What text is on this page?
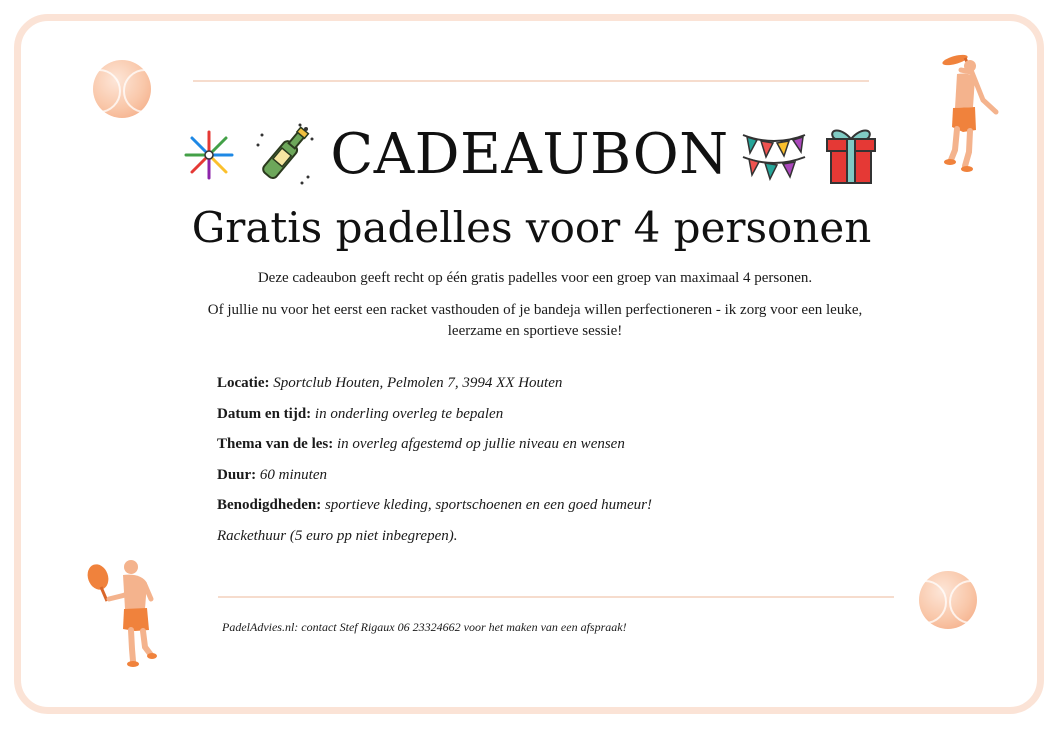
CADEAUBON
Gratis padelles voor 4 personen

Deze cadeaubon geeft recht op één gratis padelles voor een groep van maximaal 4 personen.

Of jullie nu voor het eerst een racket vasthouden of je bandeja willen perfectioneren - ik zorg voor een leuke, leerzame en sportieve sessie!

Locatie: Sportclub Houten, Pelmolen 7, 3994 XX Houten
Datum en tijd: in onderling overleg te bepalen
Thema van de les: in overleg afgestemd op jullie niveau en wensen
Duur: 60 minuten
Benodigdheden: sportieve kleding, sportschoenen en een goed humeur!
Rackethuur (5 euro pp niet inbegrepen).
PadelAdvies.nl: contact Stef Rigaux 06 23324662 voor het maken van een afspraak!
